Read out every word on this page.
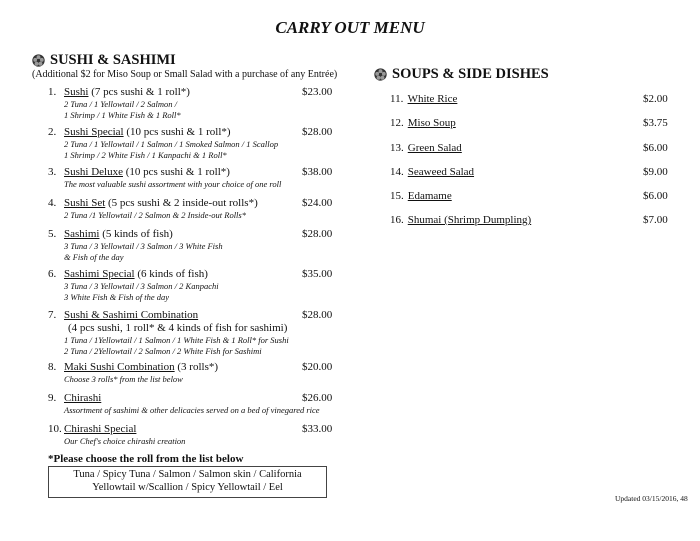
CARRY OUT MENU
SUSHI & SASHIMI
(Additional $2 for Miso Soup or Small Salad with a purchase of any Entrée)
1. Sushi (7 pcs sushi & 1 roll*)
2 Tuna / 1 Yellowtail / 2 Salmon /
1 Shrimp / 1 White Fish & 1 Roll*
$23.00
2. Sushi Special (10 pcs sushi & 1 roll*)
2 Tuna / 1 Yellowtail / 1 Salmon / 1 Smoked Salmon / 1 Scallop
1 Shrimp / 2 White Fish / 1 Kanpachi & 1 Roll*
$28.00
3. Sushi Deluxe (10 pcs sushi & 1 roll*)
The most valuable sushi assortment with your choice of one roll
$38.00
4. Sushi Set (5 pcs sushi & 2 inside-out rolls*)
2 Tuna /1 Yellowtail / 2 Salmon & 2 Inside-out Rolls*
$24.00
5. Sashimi (5 kinds of fish)
3 Tuna / 3 Yellowtail / 3 Salmon / 3 White Fish
& Fish of the day
$28.00
6. Sashimi Special (6 kinds of fish)
3 Tuna / 3 Yellowtail / 3 Salmon / 2 Kanpachi
3 White Fish & Fish of the day
$35.00
7. Sushi & Sashimi Combination
(4 pcs sushi, 1 roll* & 4 kinds of fish for sashimi)
1 Tuna / 1Yellowtail / 1 Salmon / 1 White Fish & 1 Roll* for Sushi
2 Tuna / 2Yellowtail / 2 Salmon / 2 White Fish for Sashimi
$28.00
8. Maki Sushi Combination (3 rolls*)
Choose 3 rolls* from the list below
$20.00
9. Chirashi
Assortment of sashimi & other delicacies served on a bed of vinegared rice
$26.00
10. Chirashi Special
Our Chef's choice chirashi creation
$33.00
*Please choose the roll from the list below
Tuna / Spicy Tuna / Salmon / Salmon skin / California
Yellowtail w/Scallion / Spicy Yellowtail / Eel
SOUPS & SIDE DISHES
11. White Rice	$2.00
12. Miso Soup	$3.75
13. Green Salad	$6.00
14. Seaweed Salad	$9.00
15. Edamame	$6.00
16. Shumai (Shrimp Dumpling)	$7.00
Updated 03/15/2016, 48
